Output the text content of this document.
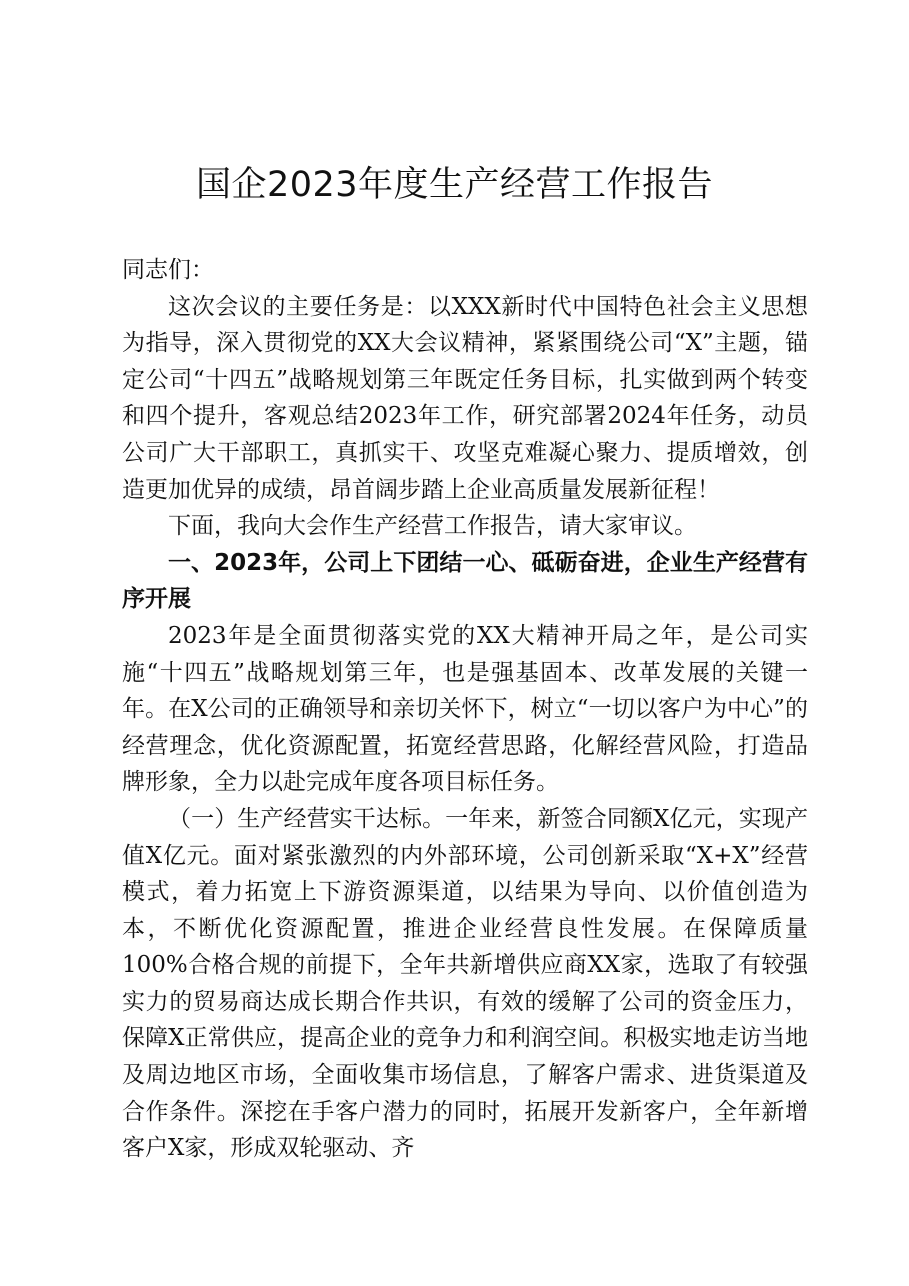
国企2023年度生产经营工作报告

同志们：

这次会议的主要任务是：以XXX新时代中国特色社会主义思想为指导，深入贯彻党的XX大会议精神，紧紧围绕公司“X”主题，锚定公司“十四五”战略规划第三年既定任务目标，扎实做到两个转变和四个提升，客观总结2023年工作，研究部署2024年任务，动员公司广大干部职工，真抓实干、攻坚克难凝心聚力、提质增效，创造更加优异的成绩，昂首阔步踏上企业高质量发展新征程！

下面，我向大会作生产经营工作报告，请大家审议。

一、2023年，公司上下团结一心、砥砺奋进，企业生产经营有序开展

2023年是全面贯彻落实党的XX大精神开局之年，是公司实施“十四五”战略规划第三年，也是强基固本、改革发展的关键一年。在X公司的正确领导和亲切关怀下，树立“一切以客户为中心”的经营理念，优化资源配置，拓宽经营思路，化解经营风险，打造品牌形象，全力以赴完成年度各项目标任务。

（一）生产经营实干达标。一年来，新签合同额X亿元，实现产值X亿元。面对紧张激烈的内外部环境，公司创新采取“X+X”经营模式，着力拓宽上下游资源渠道，以结果为导向、以价值创造为本，不断优化资源配置，推进企业经营良性发展。在保障质量100%合格合规的前提下，全年共新增供应商XX家，选取了有较强实力的贸易商达成长期合作共识，有效的缓解了公司的资金压力，保障X正常供应，提高企业的竞争力和利润空间。积极实地走访当地及周边地区市场，全面收集市场信息，了解客户需求、进货渠道及合作条件。深挖在手客户潜力的同时，拓展开发新客户，全年新增客户X家，形成双轮驱动、齐
